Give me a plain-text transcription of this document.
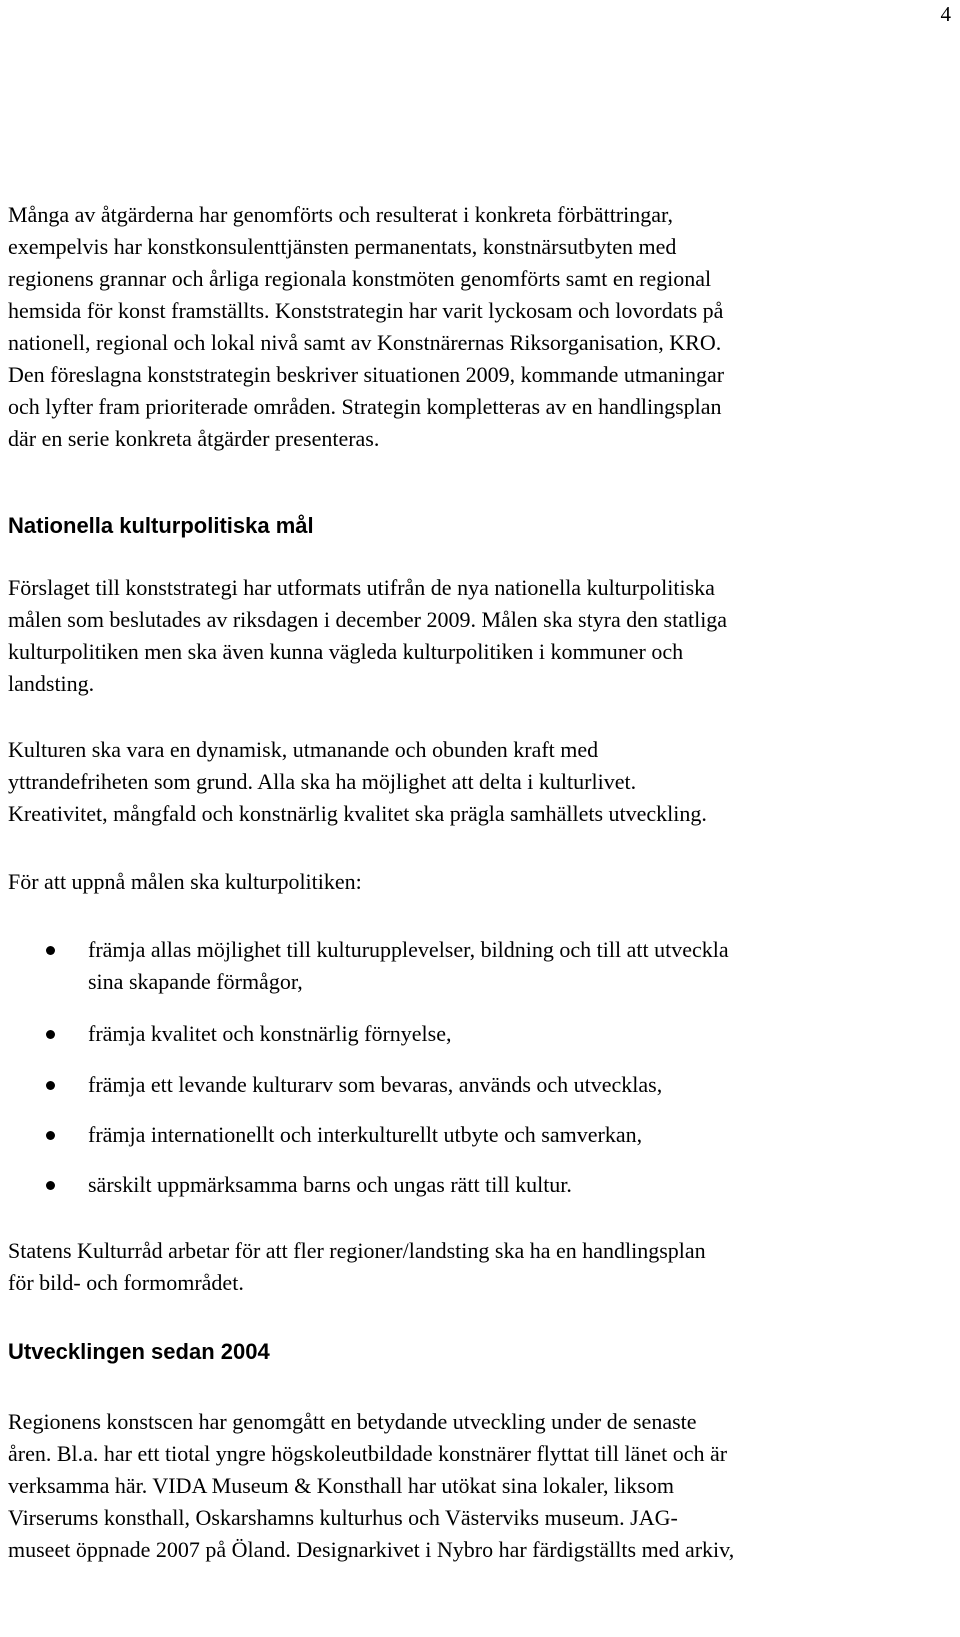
4
Många av åtgärderna har genomförts och resulterat i konkreta förbättringar,
exempelvis har konstkonsulenttjänsten permanentats, konstnärsutbyten med
regionens grannar och årliga regionala konstmöten genomförts samt en regional
hemsida för konst framställts. Konststrategin har varit lyckosam och lovordats på
nationell, regional och lokal nivå samt av Konstnärernas Riksorganisation, KRO.
Den föreslagna konststrategin beskriver situationen 2009, kommande utmaningar
och lyfter fram prioriterade områden. Strategin kompletteras av en handlingsplan
där en serie konkreta åtgärder presenteras.
Nationella kulturpolitiska mål
Förslaget till konststrategi har utformats utifrån de nya nationella kulturpolitiska
målen som beslutades av riksdagen i december 2009. Målen ska styra den statliga
kulturpolitiken men ska även kunna vägleda kulturpolitiken i kommuner och
landsting.
Kulturen ska vara en dynamisk, utmanande och obunden kraft med
yttrandefriheten som grund. Alla ska ha möjlighet att delta i kulturlivet.
Kreativitet, mångfald och konstnärlig kvalitet ska prägla samhällets utveckling.
För att uppnå målen ska kulturpolitiken:
främja allas möjlighet till kulturupplevelser, bildning och till att utveckla
sina skapande förmågor,
främja kvalitet och konstnärlig förnyelse,
främja ett levande kulturarv som bevaras, används och utvecklas,
främja internationellt och interkulturellt utbyte och samverkan,
särskilt uppmärksamma barns och ungas rätt till kultur.
Statens Kulturråd arbetar för att fler regioner/landsting ska ha en handlingsplan
för bild- och formområdet.
Utvecklingen sedan 2004
Regionens konstscen har genomgått en betydande utveckling under de senaste
åren. Bl.a. har ett tiotal yngre högskoleutbildade konstnärer flyttat till länet och är
verksamma här. VIDA Museum & Konsthall har utökat sina lokaler, liksom
Virserums konsthall, Oskarshamns kulturhus och Västerviks museum. JAG-
museet öppnade 2007 på Öland. Designarkivet i Nybro har färdigställts med arkiv,
